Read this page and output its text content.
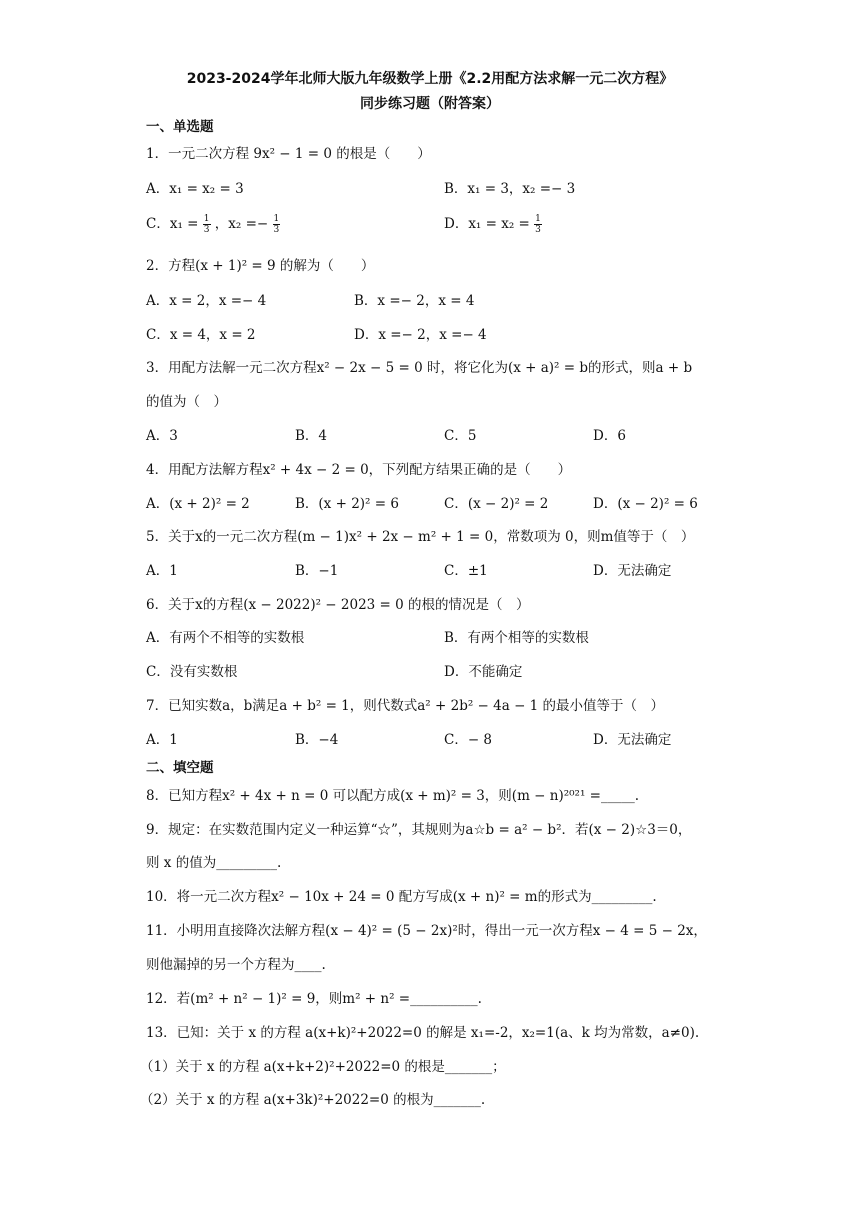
2023-2024学年北师大版九年级数学上册《2.2用配方法求解一元二次方程》
同步练习题（附答案）
一、单选题
1．一元二次方程 9x² − 1 = 0 的根是（　　）
A．x₁ = x₂ = 3	B．x₁ = 3，x₂ =− 3
C．$x_1 = \frac{1}{3}$ ，$x_2 =- \frac{1}{3}$	D．$x_1 = x_2 = \frac{1}{3}$
2．方程(x + 1)² = 9 的解为（　　）
A．x = 2，x =− 4	B．x =− 2，x = 4
C．x = 4，x = 2	D．x =− 2，x =− 4
3．用配方法解一元二次方程x² − 2x − 5 = 0 时，将它化为(x + a)² = b的形式，则a + b
的值为（　）
A．3	B．4	C．5	D．6
4．用配方法解方程x² + 4x − 2 = 0，下列配方结果正确的是（　　）
A．(x + 2)² = 2	B．(x + 2)² = 6	C．(x − 2)² = 2	D．(x − 2)² = 6
5．关于x的一元二次方程(m − 1)x² + 2x − m² + 1 = 0，常数项为 0，则m值等于（　）
A．1	B．−1	C．±1	D．无法确定
6．关于x的方程(x − 2022)² − 2023 = 0 的根的情况是（　）
A．有两个不相等的实数根	B．有两个相等的实数根
C．没有实数根	D．不能确定
7．已知实数a，b满足a + b² = 1，则代数式a² + 2b² − 4a − 1 的最小值等于（　）
A．1	B．−4	C．− 8	D．无法确定
二、填空题
8．已知方程x² + 4x + n = 0 可以配方成(x + m)² = 3，则(m − n)²⁰²¹ =_____.
9．规定：在实数范围内定义一种运算“☆”，其规则为a☆b = a² − b²．若(x − 2)☆3＝0，
则 x 的值为_________.
10．将一元二次方程x² − 10x + 24 = 0 配方写成(x + n)² = m的形式为_________.
11．小明用直接降次法解方程(x − 4)² = (5 − 2x)²时，得出一元一次方程x − 4 = 5 − 2x，
则他漏掉的另一个方程为____.
12．若(m² + n² − 1)² = 9，则m² + n² =__________.
13．已知：关于 x 的方程 a(x+k)²+2022=0 的解是 x₁=-2，x₂=1(a、k 均为常数，a≠0).
（1）关于 x 的方程 a(x+k+2)²+2022=0 的根是_______；
（2）关于 x 的方程 a(x+3k)²+2022=0 的根为_______.
